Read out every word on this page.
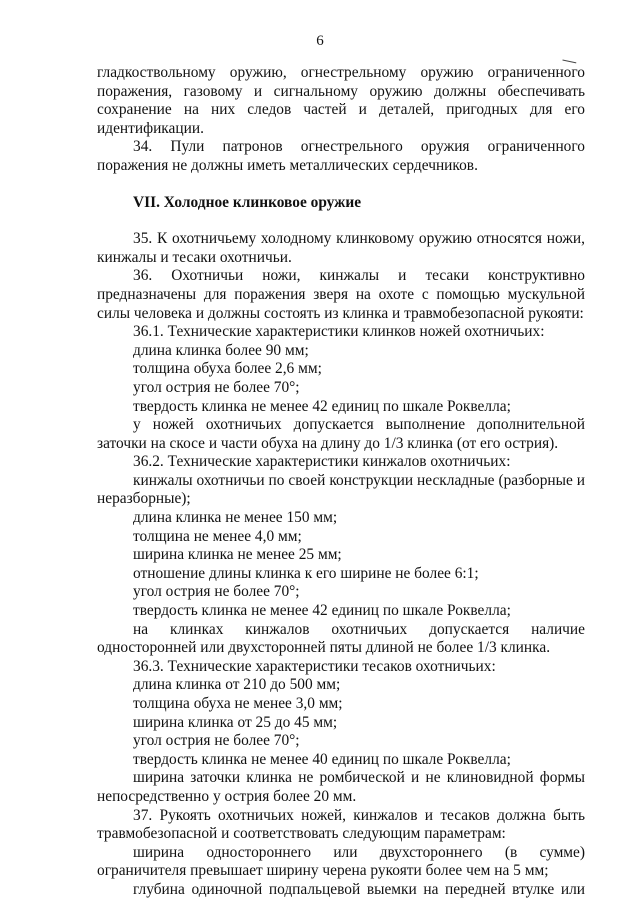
6

гладкоствольному оружию, огнестрельному оружию ограниченного поражения, газовому и сигнальному оружию должны обеспечивать сохранение на них следов частей и деталей, пригодных для его идентификации.

34. Пули патронов огнестрельного оружия ограниченного поражения не должны иметь металлических сердечников.

VII. Холодное клинковое оружие

35. К охотничьему холодному клинковому оружию относятся ножи, кинжалы и тесаки охотничьи.

36. Охотничьи ножи, кинжалы и тесаки конструктивно предназначены для поражения зверя на охоте с помощью мускульной силы человека и должны состоять из клинка и травмобезопасной рукояти:

36.1. Технические характеристики клинков ножей охотничьих:

длина клинка более 90 мм;

толщина обуха более 2,6 мм;

угол острия не более 70°;

твердость клинка не менее 42 единиц по шкале Роквелла;

у ножей охотничьих допускается выполнение дополнительной заточки на скосе и части обуха на длину до 1/3 клинка (от его острия).

36.2. Технические характеристики кинжалов охотничьих:

кинжалы охотничьи по своей конструкции нескладные (разборные и неразборные);

длина клинка не менее 150 мм;

толщина не менее 4,0 мм;

ширина клинка не менее 25 мм;

отношение длины клинка к его ширине не более 6:1;

угол острия не более 70°;

твердость клинка не менее 42 единиц по шкале Роквелла;

на клинках кинжалов охотничьих допускается наличие односторонней или двухсторонней пяты длиной не более 1/3 клинка.

36.3. Технические характеристики тесаков охотничьих:

длина клинка от 210 до 500 мм;

толщина обуха не менее 3,0 мм;

ширина клинка от 25 до 45 мм;

угол острия не более 70°;

твердость клинка не менее 40 единиц по шкале Роквелла;

ширина заточки клинка не ромбической и не клиновидной формы непосредственно у острия более 20 мм.

37. Рукоять охотничьих ножей, кинжалов и тесаков должна быть травмобезопасной и соответствовать следующим параметрам:

ширина одностороннего или двухстороннего (в сумме) ограничителя превышает ширину черена рукояти более чем на 5 мм;

глубина одиночной подпальцевой выемки на передней втулке или
